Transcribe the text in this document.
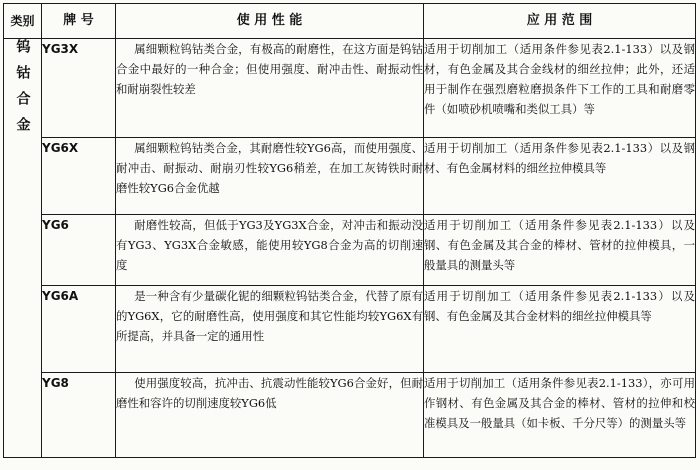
类别	牌 号	使 用 性 能	应 用 范 围
钨钴合金	YG3X	属细颗粒钨钴类合金，有极高的耐磨性，在这方面是钨钴合金中最好的一种合金；但使用强度、耐冲击性、耐振动性和耐崩裂性较差	适用于切削加工（适用条件参见表2.1-133）以及钢材，有色金属及其合金线材的细丝拉伸；此外，还适用于制作在强烈磨粒磨损条件下工作的工具和耐磨零件（如喷砂机喷嘴和类似工具）等
	YG6X	属细颗粒钨钴类合金，其耐磨性较YG6高，而使用强度、耐冲击、耐振动、耐崩刃性较YG6稍差，在加工灰铸铁时耐磨性较YG6合金优越	适用于切削加工（适用条件参见表2.1-133）以及钢材、有色金属材料的细丝拉伸模具等
	YG6	耐磨性较高，但低于YG3及YG3X合金，对冲击和振动没有YG3、YG3X合金敏感，能使用较YG8合金为高的切削速度	适用于切削加工（适用条件参见表2.1-133）以及钢、有色金属及其合金的棒材、管材的拉伸模具，一般量具的测量头等
	YG6A	是一种含有少量碳化铌的细颗粒钨钴类合金，代替了原有的YG6X，它的耐磨性高，使用强度和其它性能均较YG6X有所提高，并具备一定的通用性	适用于切削加工（适用条件参见表2.1-133）以及钢、有色金属及其合金材料的细丝拉伸模具等
	YG8	使用强度较高，抗冲击、抗震动性能较YG6合金好，但耐磨性和容许的切削速度较YG6低	适用于切削加工（适用条件参见表2.1-133），亦可用作钢材、有色金属及其合金的棒材、管材的拉伸和校准模具及一般量具（如卡板、千分尺等）的测量头等
